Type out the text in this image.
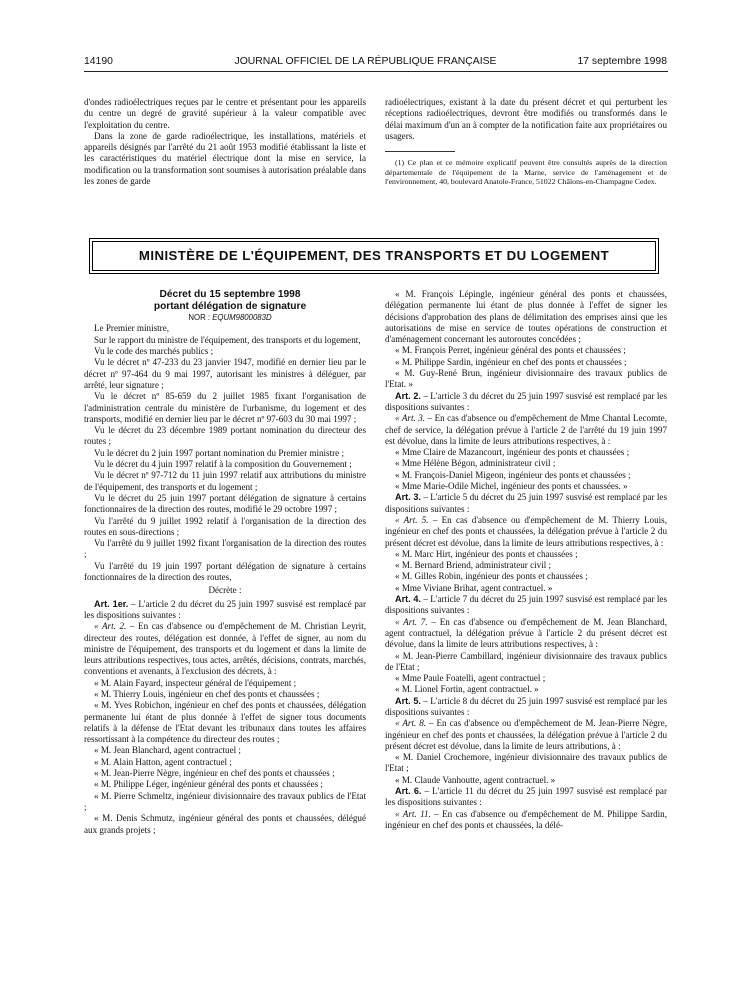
14190	JOURNAL OFFICIEL DE LA RÉPUBLIQUE FRANÇAISE	17 septembre 1998

d'ondes radioélectriques reçues par le centre et présentant pour les appareils du centre un degré de gravité supérieur à la valeur compatible avec l'exploitation du centre.

Dans la zone de garde radioélectrique, les installations, matériels et appareils désignés par l'arrêté du 21 août 1953 modifié établissant la liste et les caractéristiques du matériel électrique dont la mise en service, la modification ou la transformation sont soumises à autorisation préalable dans les zones de garde

radioélectriques, existant à la date du présent décret et qui perturbent les réceptions radioélectriques, devront être modifiés ou transformés dans le délai maximum d'un an à compter de la notification faite aux propriétaires ou usagers.

(1) Ce plan et ce mémoire explicatif peuvent être consultés auprès de la direction départementale de l'équipement de la Marne, service de l'aménagement et de l'environnement, 40, boulevard Anatole-France, 51022 Châlons-en-Champagne Cedex.

MINISTÈRE DE L'ÉQUIPEMENT, DES TRANSPORTS ET DU LOGEMENT

Décret du 15 septembre 1998

portant délégation de signature

NOR : EQUM9800083D

Le Premier ministre,

Sur le rapport du ministre de l'équipement, des transports et du logement,

Vu le code des marchés publics ;

Vu le décret nº 47-233 du 23 janvier 1947, modifié en dernier lieu par le décret nº 97-464 du 9 mai 1997, autorisant les ministres à déléguer, par arrêté, leur signature ;

Vu le décret nº 85-659 du 2 juillet 1985 fixant l'organisation de l'administration centrale du ministère de l'urbanisme, du logement et des transports, modifié en dernier lieu par le décret nº 97-603 du 30 mai 1997 ;

Vu le décret du 23 décembre 1989 portant nomination du directeur des routes ;

Vu le décret du 2 juin 1997 portant nomination du Premier ministre ;

Vu le décret du 4 juin 1997 relatif à la composition du Gouvernement ;

Vu le décret nº 97-712 du 11 juin 1997 relatif aux attributions du ministre de l'équipement, des transports et du logement ;

Vu le décret du 25 juin 1997 portant délégation de signature à certains fonctionnaires de la direction des routes, modifié le 29 octobre 1997 ;

Vu l'arrêté du 9 juillet 1992 relatif à l'organisation de la direction des routes en sous-directions ;

Vu l'arrêté du 9 juillet 1992 fixant l'organisation de la direction des routes ;

Vu l'arrêté du 19 juin 1997 portant délégation de signature à certains fonctionnaires de la direction des routes,

Décrète :

Art. 1er. – L'article 2 du décret du 25 juin 1997 susvisé est remplacé par les dispositions suivantes :

« Art. 2. – En cas d'absence ou d'empêchement de M. Christian Leyrit, directeur des routes, délégation est donnée, à l'effet de signer, au nom du ministre de l'équipement, des transports et du logement et dans la limite de leurs attributions respectives, tous actes, arrêtés, décisions, contrats, marchés, conventions et avenants, à l'exclusion des décrets, à :

« M. Alain Fayard, inspecteur général de l'équipement ;

« M. Thierry Louis, ingénieur en chef des ponts et chaussées ;

« M. Yves Robichon, ingénieur en chef des ponts et chaussées, délégation permanente lui étant de plus donnée à l'effet de signer tous documents relatifs à la défense de l'Etat devant les tribunaux dans toutes les affaires ressortissant à la compétence du directeur des routes ;

« M. Jean Blanchard, agent contractuel ;

« M. Alain Hatton, agent contractuel ;

« M. Jean-Pierre Nègre, ingénieur en chef des ponts et chaussées ;

« M. Philippe Léger, ingénieur général des ponts et chaussées ;

« M. Pierre Schmeltz, ingénieur divisionnaire des travaux publics de l'Etat ;

« M. Denis Schmutz, ingénieur général des ponts et chaussées, délégué aux grands projets ;

« M. François Lépingle, ingénieur général des ponts et chaussées, délégation permanente lui étant de plus donnée à l'effet de signer les décisions d'approbation des plans de délimitation des emprises ainsi que les autorisations de mise en service de toutes opérations de construction et d'aménagement concernant les autoroutes concédées ;

« M. François Perret, ingénieur général des ponts et chaussées ;

« M. Philippe Sardin, ingénieur en chef des ponts et chaussées ;

« M. Guy-René Brun, ingénieur divisionnaire des travaux publics de l'Etat. »

Art. 2. – L'article 3 du décret du 25 juin 1997 susvisé est remplacé par les dispositions suivantes :

« Art. 3. – En cas d'absence ou d'empêchement de Mme Chantal Lecomte, chef de service, la délégation prévue à l'article 2 de l'arrêté du 19 juin 1997 est dévolue, dans la limite de leurs attributions respectives, à :

« Mme Claire de Mazancourt, ingénieur des ponts et chaussées ;

« Mme Hélène Bégon, administrateur civil ;

« M. François-Daniel Migeon, ingénieur des ponts et chaussées ;

« Mme Marie-Odile Michel, ingénieur des ponts et chaussées. »

Art. 3. – L'article 5 du décret du 25 juin 1997 susvisé est remplacé par les dispositions suivantes :

« Art. 5. – En cas d'absence ou d'empêchement de M. Thierry Louis, ingénieur en chef des ponts et chaussées, la délégation prévue à l'article 2 du présent décret est dévolue, dans la limite de leurs attributions respectives, à :

« M. Marc Hirt, ingénieur des ponts et chaussées ;

« M. Bernard Briend, administrateur civil ;

« M. Gilles Robin, ingénieur des ponts et chaussées ;

« Mme Viviane Brihat, agent contractuel. »

Art. 4. – L'article 7 du décret du 25 juin 1997 susvisé est remplacé par les dispositions suivantes :

« Art. 7. – En cas d'absence ou d'empêchement de M. Jean Blanchard, agent contractuel, la délégation prévue à l'article 2 du présent décret est dévolue, dans la limite de leurs attributions respectives, à :

« M. Jean-Pierre Cambillard, ingénieur divisionnaire des travaux publics de l'Etat ;

« Mme Paule Foatelli, agent contractuel ;

« M. Lionel Fortin, agent contractuel. »

Art. 5. – L'article 8 du décret du 25 juin 1997 susvisé est remplacé par les dispositions suivantes :

« Art. 8. – En cas d'absence ou d'empêchement de M. Jean-Pierre Nègre, ingénieur en chef des ponts et chaussées, la délégation prévue à l'article 2 du présent décret est dévolue, dans la limite de leurs attributions, à :

« M. Daniel Crochemore, ingénieur divisionnaire des travaux publics de l'Etat ;

« M. Claude Vanhoutte, agent contractuel. »

Art. 6. – L'article 11 du décret du 25 juin 1997 susvisé est remplacé par les dispositions suivantes :

« Art. 11. – En cas d'absence ou d'empêchement de M. Philippe Sardin, ingénieur en chef des ponts et chaussées, la délé-
